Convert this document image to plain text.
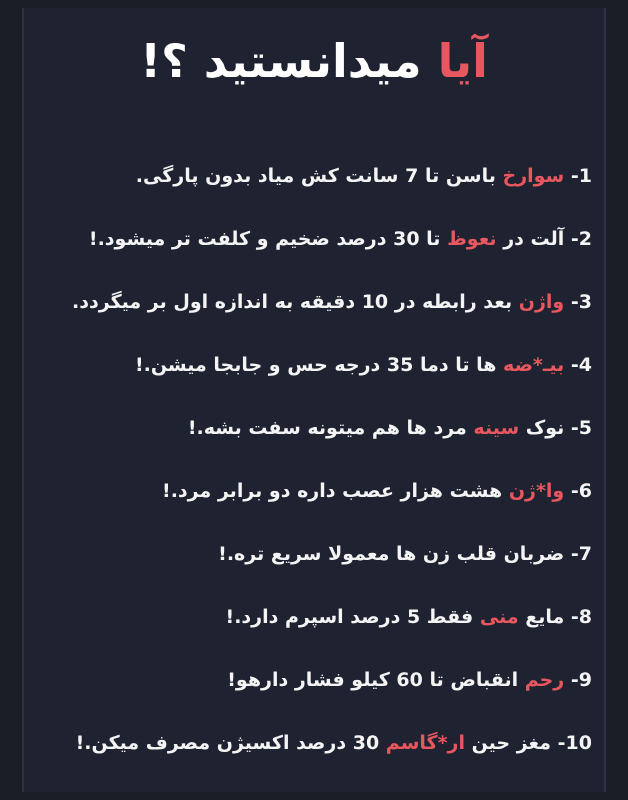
آیا میدانستید ؟!
1- سوارخ باسن تا 7 سانت کش میاد بدون پارگی.
2- آلت در نعوظ تا 30 درصد ضخیم و کلفت تر میشود.!
3- واژن بعد رابطه در 10 دقیقه به اندازه اول بر میگردد.
4- بیـ*ضه ها تا دما 35 درجه حس و جابجا میشن.!
5- نوک سینه مرد ها هم میتونه سفت بشه.!
6- وا*ژن هشت هزار عصب داره دو برابر مرد.!
7- ضربان قلب زن ها معمولا سریع تره.!
8- مایع منی فقط 5 درصد اسپرم دارد.!
9- رحم انقباض تا 60 کیلو فشار دارهو!
10- مغز حین ار*گاسم 30 درصد اکسیژن مصرف میکن.!
